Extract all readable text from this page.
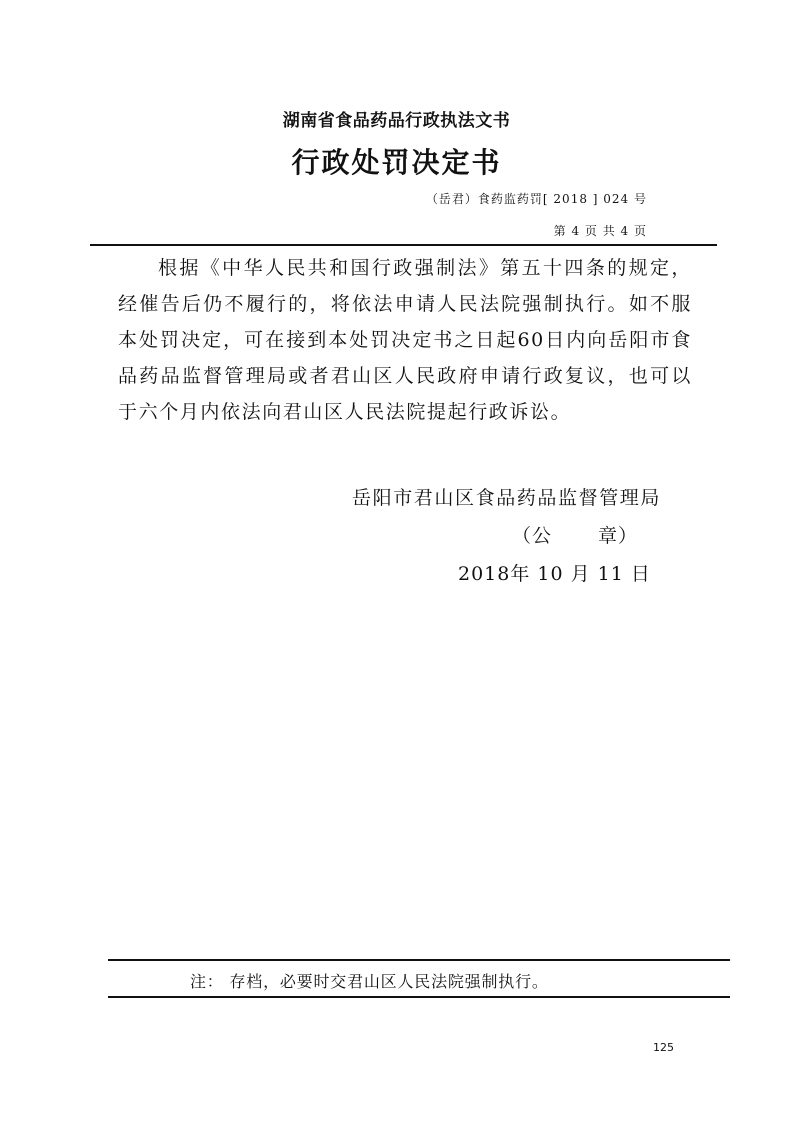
湖南省食品药品行政执法文书
行政处罚决定书
（岳君）食药监药罚[ 2018 ] 024 号
第 4 页 共 4 页
根据《中华人民共和国行政强制法》第五十四条的规定，经催告后仍不履行的，将依法申请人民法院强制执行。如不服本处罚决定，可在接到本处罚决定书之日起60日内向岳阳市食品药品监督管理局或者君山区人民政府申请行政复议，也可以于六个月内依法向君山区人民法院提起行政诉讼。
岳阳市君山区食品药品监督管理局
（公 章）
2018年 10 月 11 日
注： 存档，必要时交君山区人民法院强制执行。
125
